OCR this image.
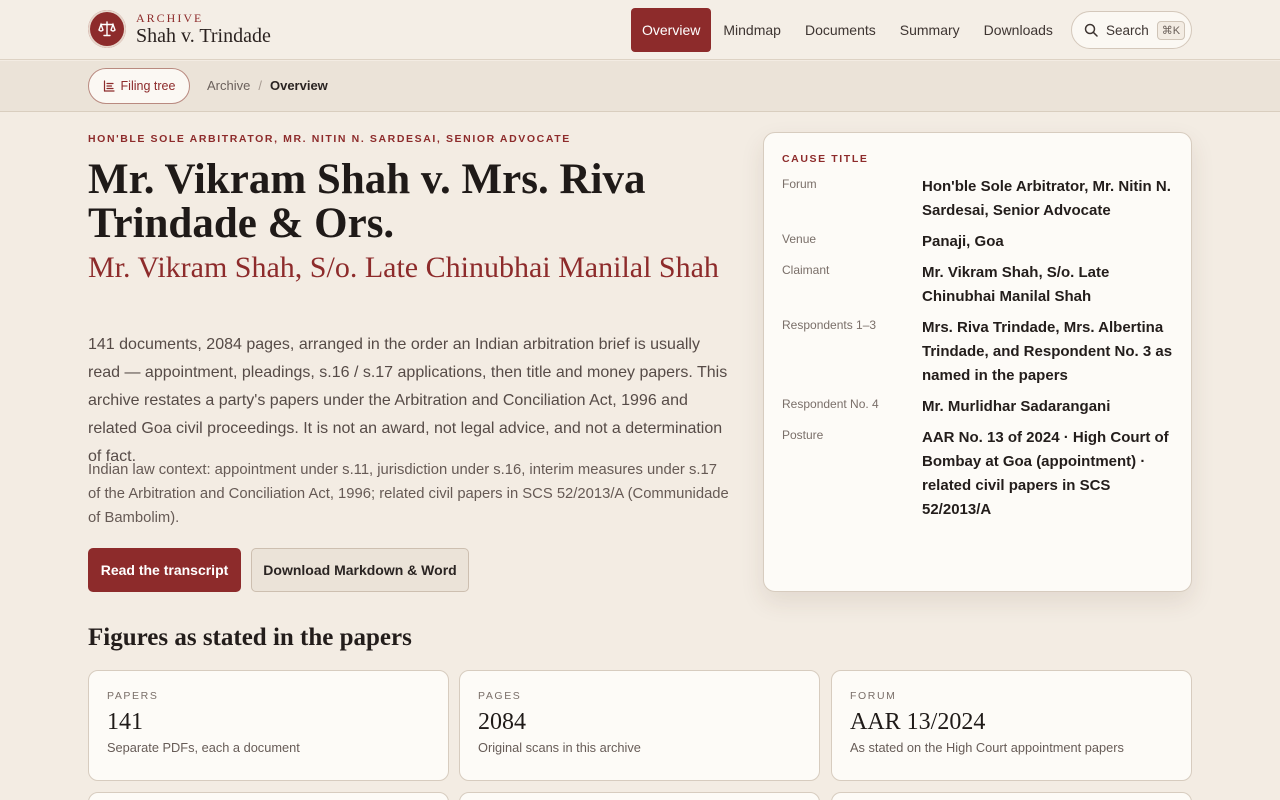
ARCHIVE
Shah v. Trindade	Overview	Mindmap	Documents	Summary	Downloads	Search	⌘K
Filing tree Archive / Overview
HON'BLE SOLE ARBITRATOR, MR. NITIN N. SARDESAI, SENIOR ADVOCATE
Mr. Vikram Shah v. Mrs. Riva Trindade & Ors.
Mr. Vikram Shah, S/o. Late Chinubhai Manilal Shah

141 documents, 2084 pages, arranged in the order an Indian arbitration brief is usually read — appointment, pleadings, s.16 / s.17 applications, then title and money papers. This archive restates a party's papers under the Arbitration and Conciliation Act, 1996 and related Goa civil proceedings. It is not an award, not legal advice, and not a determination of fact.

Indian law context: appointment under s.11, jurisdiction under s.16, interim measures under s.17 of the Arbitration and Conciliation Act, 1996; related civil papers in SCS 52/2013/A (Communidade of Bambolim).

Read the transcript	Download Markdown & Word
CAUSE TITLE
Forum	Hon'ble Sole Arbitrator, Mr. Nitin N. Sardesai, Senior Advocate
Venue	Panaji, Goa
Claimant	Mr. Vikram Shah, S/o. Late Chinubhai Manilal Shah
Respondents 1–3	Mrs. Riva Trindade, Mrs. Albertina Trindade, and Respondent No. 3 as named in the papers
Respondent No. 4	Mr. Murlidhar Sadarangani
Posture	AAR No. 13 of 2024 · High Court of Bombay at Goa (appointment) · related civil papers in SCS 52/2013/A
Figures as stated in the papers
PAPERS
141
Separate PDFs, each a document
PAGES
2084
Original scans in this archive
FORUM
AAR 13/2024
As stated on the High Court appointment papers
